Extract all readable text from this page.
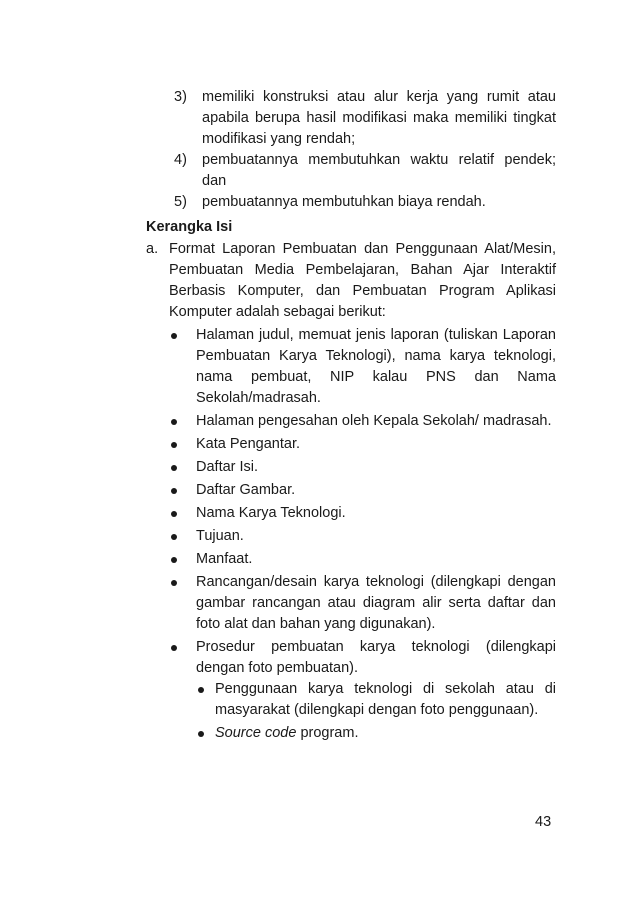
3) memiliki konstruksi atau alur kerja yang rumit atau apabila berupa hasil modifikasi maka memiliki tingkat modifikasi yang rendah;
4) pembuatannya membutuhkan waktu relatif pendek; dan
5) pembuatannya membutuhkan biaya rendah.
Kerangka Isi
a. Format Laporan Pembuatan dan Penggunaan Alat/Mesin, Pembuatan Media Pembelajaran, Bahan Ajar Interaktif Berbasis Komputer, dan Pembuatan Program Aplikasi Komputer adalah sebagai berikut:
Halaman judul, memuat jenis laporan (tuliskan Laporan Pembuatan Karya Teknologi), nama karya teknologi, nama pembuat, NIP kalau PNS dan Nama Sekolah/madrasah.
Halaman pengesahan oleh Kepala Sekolah/ madrasah.
Kata Pengantar.
Daftar Isi.
Daftar Gambar.
Nama Karya Teknologi.
Tujuan.
Manfaat.
Rancangan/desain karya teknologi (dilengkapi dengan gambar rancangan atau diagram alir serta daftar dan foto alat dan bahan yang digunakan).
Prosedur pembuatan karya teknologi (dilengkapi dengan foto pembuatan).
Penggunaan karya teknologi di sekolah atau di masyarakat (dilengkapi dengan foto penggunaan).
Source code program.
43
